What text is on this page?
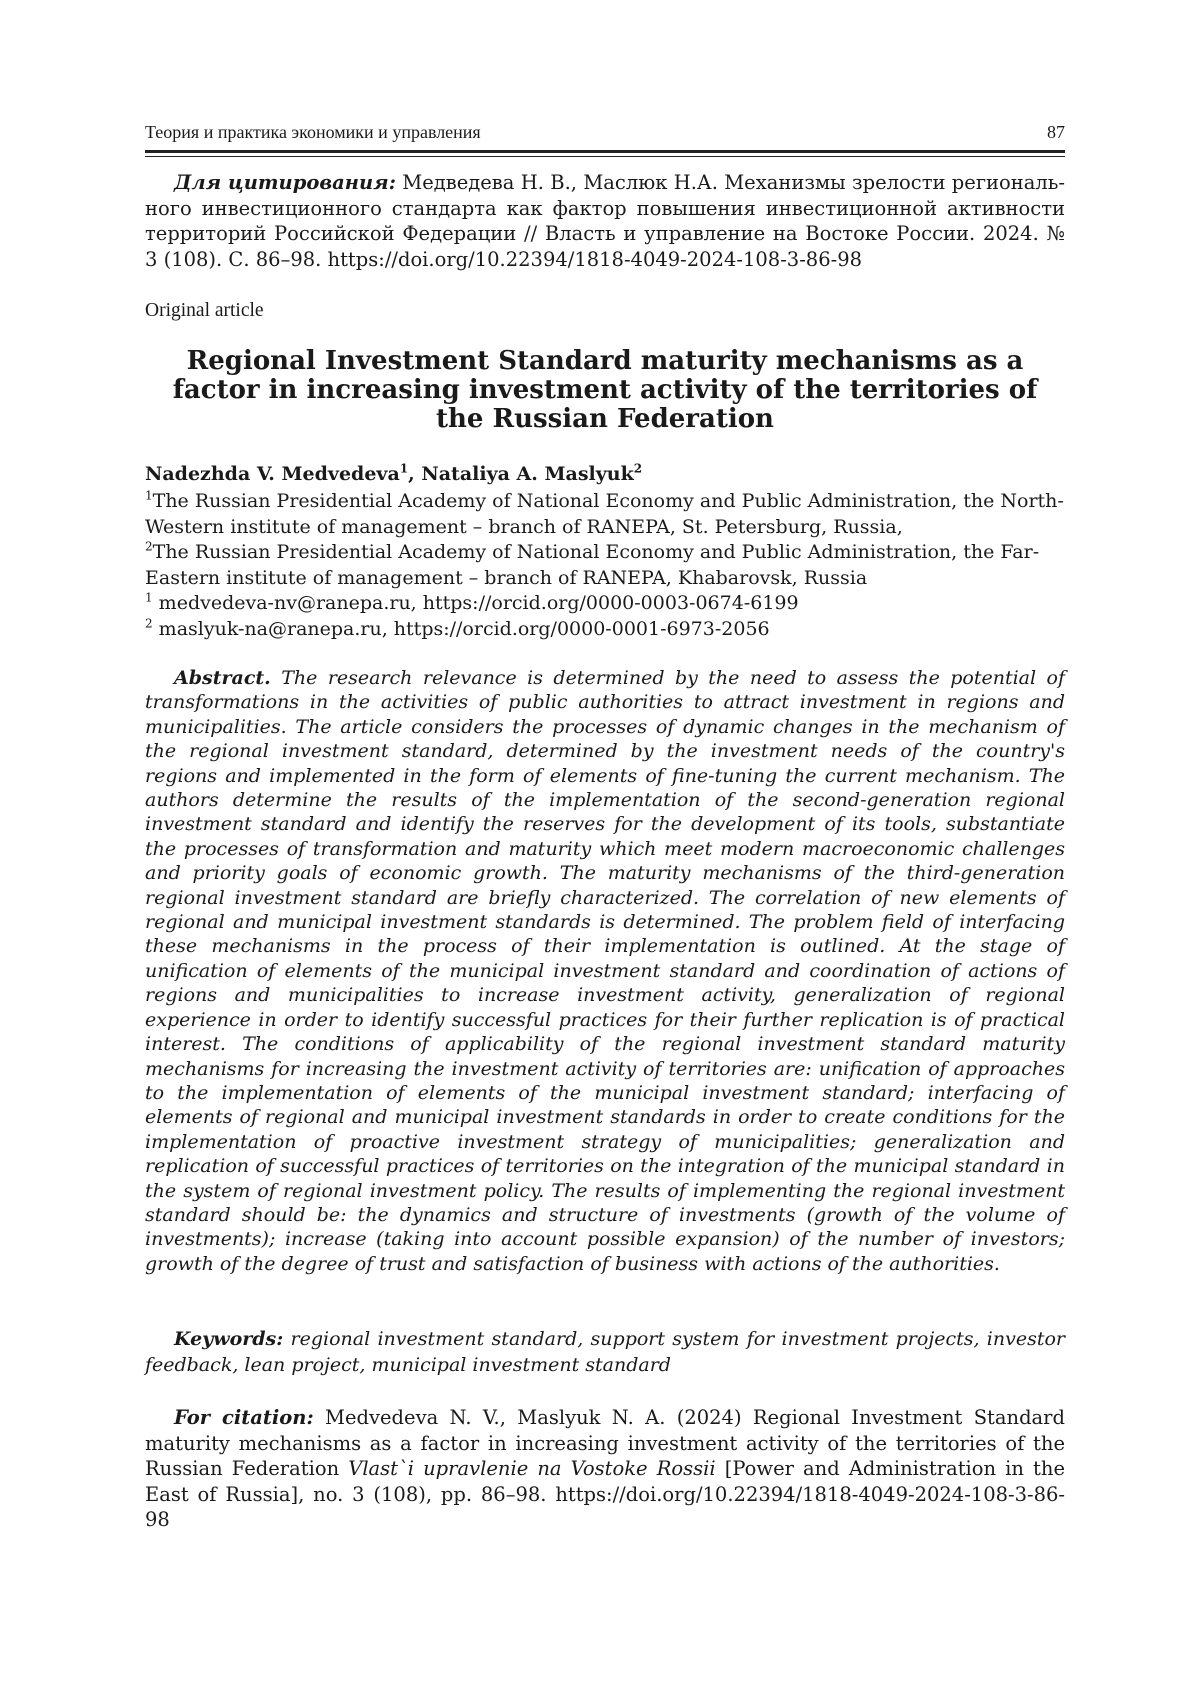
Теория и практика экономики и управления	87
Для цитирования: Медведева Н. В., Маслюк Н.А. Механизмы зрелости региональ-ного инвестиционного стандарта как фактор повышения инвестиционной активности территорий Российской Федерации // Власть и управление на Востоке России. 2024. № 3 (108). С. 86–98. https://doi.org/10.22394/1818-4049-2024-108-3-86-98
Original article
Regional Investment Standard maturity mechanisms as a factor in increasing investment activity of the territories of the Russian Federation
Nadezhda V. Medvedeva$^1$, Nataliya A. Maslyuk$^2$
$^1$The Russian Presidential Academy of National Economy and Public Administration, the North-Western institute of management – branch of RANEPA, St. Petersburg, Russia,
$^2$The Russian Presidential Academy of National Economy and Public Administration, the Far-Eastern institute of management – branch of RANEPA, Khabarovsk, Russia
$^1$ medvedeva-nv@ranepa.ru, https://orcid.org/0000-0003-0674-6199
$^2$ maslyuk-na@ranepa.ru, https://orcid.org/0000-0001-6973-2056
Abstract. The research relevance is determined by the need to assess the potential of transformations in the activities of public authorities to attract investment in regions and municipalities. The article considers the processes of dynamic changes in the mechanism of the regional investment standard, determined by the investment needs of the country's regions and implemented in the form of elements of fine-tuning the current mechanism. The authors determine the results of the implementation of the second-generation regional investment standard and identify the reserves for the development of its tools, substantiate the processes of transformation and maturity which meet modern macroeconomic challenges and priority goals of economic growth. The maturity mechanisms of the third-generation regional investment standard are briefly characterized. The correlation of new elements of regional and municipal investment standards is determined. The problem field of interfacing these mechanisms in the process of their implementation is outlined. At the stage of unification of elements of the municipal investment standard and coordination of actions of regions and municipalities to increase investment activity, generalization of regional experience in order to identify successful practices for their further replication is of practical interest. The conditions of applicability of the regional investment standard maturity mechanisms for increasing the investment activity of territories are: unification of approaches to the implementation of elements of the municipal investment standard; interfacing of elements of regional and municipal investment standards in order to create conditions for the implementation of proactive investment strategy of municipalities; generalization and replication of successful practices of territories on the integration of the municipal standard in the system of regional investment policy. The results of implementing the regional investment standard should be: the dynamics and structure of investments (growth of the volume of investments); increase (taking into account possible expansion) of the number of investors; growth of the degree of trust and satisfaction of business with actions of the authorities.
Keywords: regional investment standard, support system for investment projects, investor feedback, lean project, municipal investment standard
For citation: Medvedeva N. V., Maslyuk N. A. (2024) Regional Investment Standard maturity mechanisms as a factor in increasing investment activity of the territories of the Russian Federation Vlast`i upravlenie na Vostoke Rossii [Power and Administration in the East of Russia], no. 3 (108), pp. 86–98. https://doi.org/10.22394/1818-4049-2024-108-3-86-98
